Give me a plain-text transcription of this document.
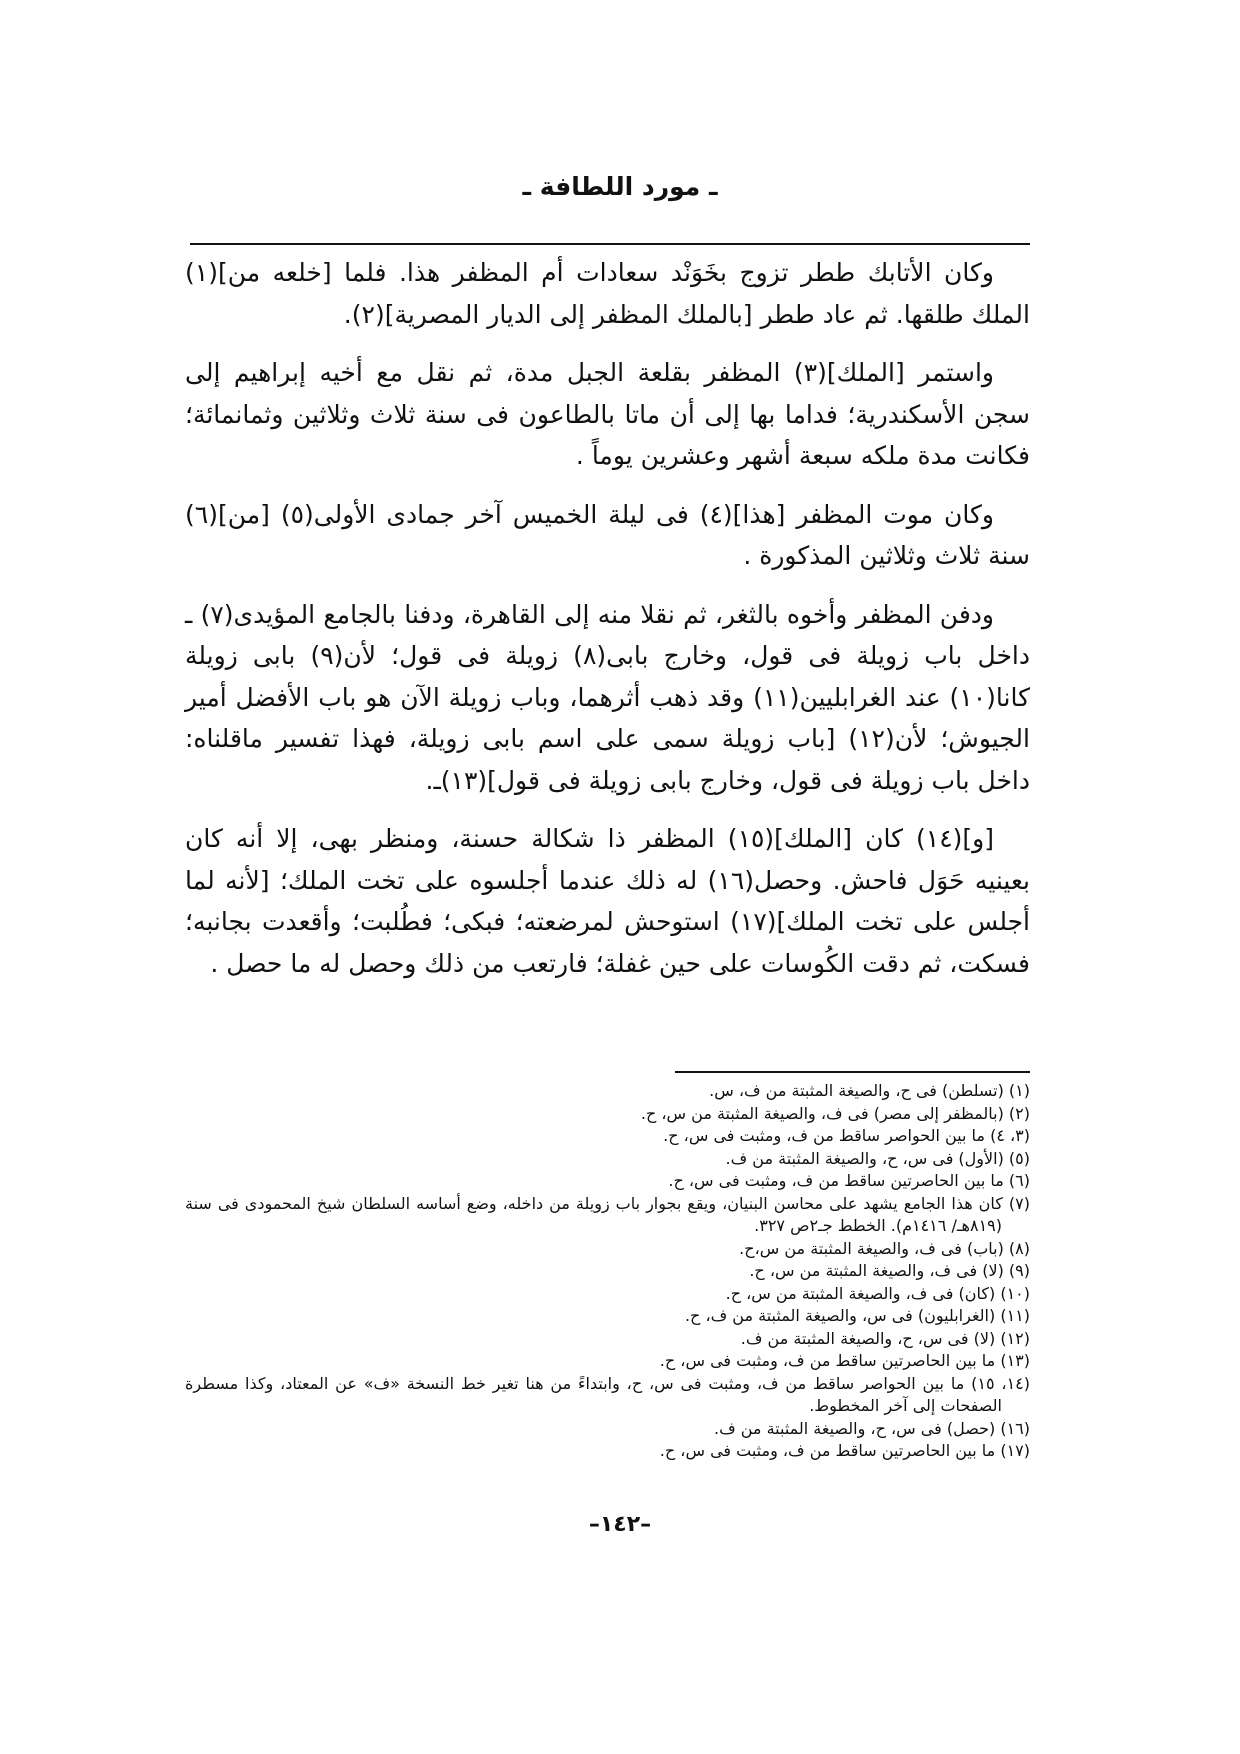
ـ مورد اللطافة ـ

وكان الأتابك ططر تزوج بخَوَنْد سعادات أم المظفر هذا. فلما [خلعه من](١) الملك طلقها. ثم عاد ططر [بالملك المظفر إلى الديار المصرية](٢).

واستمر [الملك](٣) المظفر بقلعة الجبل مدة، ثم نقل مع أخيه إبراهيم إلى سجن الأسكندرية؛ فداما بها إلى أن ماتا بالطاعون فى سنة ثلاث وثلاثين وثمانمائة؛ فكانت مدة ملكه سبعة أشهر وعشرين يوماً .

وكان موت المظفر [هذا](٤) فى ليلة الخميس آخر جمادى الأولى(٥) [من](٦) سنة ثلاث وثلاثين المذكورة .

ودفن المظفر وأخوه بالثغر، ثم نقلا منه إلى القاهرة، ودفنا بالجامع المؤيدى(٧) ـ داخل باب زويلة فى قول، وخارج بابى(٨) زويلة فى قول؛ لأن(٩) بابى زويلة كانا(١٠) عند الغرابليين(١١) وقد ذهب أثرهما، وباب زويلة الآن هو باب الأفضل أمير الجيوش؛ لأن(١٢) [باب زويلة سمى على اسم بابى زويلة، فهذا تفسير ماقلناه: داخل باب زويلة فى قول، وخارج بابى زويلة فى قول](١٣)ـ.

[و](١٤) كان [الملك](١٥) المظفر ذا شكالة حسنة، ومنظر بهى، إلا أنه كان بعينيه حَوَل فاحش. وحصل(١٦) له ذلك عندما أجلسوه على تخت الملك؛ [لأنه لما أجلس على تخت الملك](١٧) استوحش لمرضعته؛ فبكى؛ فطُلبت؛ وأقعدت بجانبه؛ فسكت، ثم دقت الكُوسات على حين غفلة؛ فارتعب من ذلك وحصل له ما حصل .

(١) (تسلطن) فى ح، والصيغة المثبتة من ف، س.
(٢) (بالمظفر إلى مصر) فى ف، والصيغة المثبتة من س، ح.
(٣، ٤) ما بين الحواصر ساقط من ف، ومثبت فى س، ح.
(٥) (الأول) فى س، ح، والصيغة المثبتة من ف.
(٦) ما بين الحاصرتين ساقط من ف، ومثبت فى س، ح.
(٧) كان هذا الجامع يشهد على محاسن البنيان، ويقع بجوار باب زويلة من داخله، وضع أساسه السلطان شيخ المحمودى فى سنة (٨١٩هـ/ ١٤١٦م). الخطط جـ٢ص ٣٢٧.
(٨) (باب) فى ف، والصيغة المثبتة من س،ح.
(٩) (لا) فى ف، والصيغة المثبتة من س، ح.
(١٠) (كان) فى ف، والصيغة المثبتة من س، ح.
(١١) (الغرابليون) فى س، والصيغة المثبتة من ف، ح.
(١٢) (لا) فى س، ح، والصيغة المثبتة من ف.
(١٣) ما بين الحاصرتين ساقط من ف، ومثبت فى س، ح.
(١٤، ١٥) ما بين الحواصر ساقط من ف، ومثبت فى س، ح، وابتداءً من هنا تغير خط النسخة «ف» عن المعتاد، وكذا مسطرة الصفحات إلى آخر المخطوط.
(١٦) (حصل) فى س، ح، والصيغة المثبتة من ف.
(١٧) ما بين الحاصرتين ساقط من ف، ومثبت فى س، ح.
–١٤٢–
